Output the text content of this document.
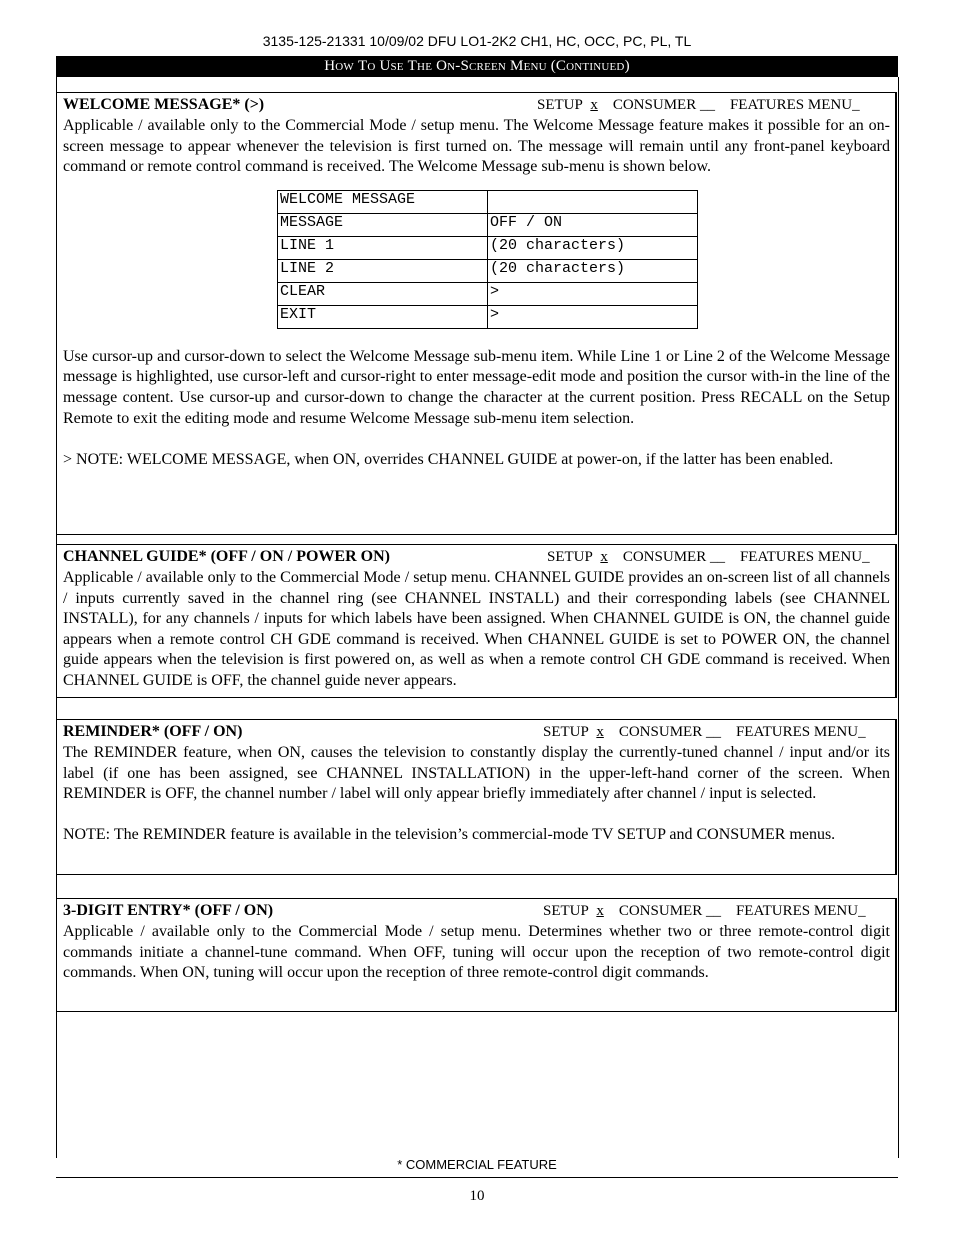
3135-125-21331 10/09/02 DFU LO1-2K2 CH1, HC, OCC, PC, PL, TL
How To Use The On-Screen Menu (Continued)
WELCOME MESSAGE* (>)	SETUP x CONSUMER __ FEATURES MENU_

Applicable / available only to the Commercial Mode / setup menu. The Welcome Message feature makes it possible for an on-screen message to appear whenever the television is first turned on. The message will remain until any front-panel keyboard command or remote control command is received. The Welcome Message sub-menu is shown below.

WELCOME MESSAGE	
MESSAGE	OFF / ON
LINE 1	(20 characters)
LINE 2	(20 characters)
CLEAR	>
EXIT	>

Use cursor-up and cursor-down to select the Welcome Message sub-menu item. While Line 1 or Line 2 of the Welcome Message message is highlighted, use cursor-left and cursor-right to enter message-edit mode and position the cursor with-in the line of the message content. Use cursor-up and cursor-down to change the character at the current position. Press RECALL on the Setup Remote to exit the editing mode and resume Welcome Message sub-menu item selection.

> NOTE: WELCOME MESSAGE, when ON, overrides CHANNEL GUIDE at power-on, if the latter has been enabled.

CHANNEL GUIDE* (OFF / ON / POWER ON)	SETUP x CONSUMER __ FEATURES MENU_

Applicable / available only to the Commercial Mode / setup menu. CHANNEL GUIDE provides an on-screen list of all channels / inputs currently saved in the channel ring (see CHANNEL INSTALL) and their corresponding labels (see CHANNEL INSTALL), for any channels / inputs for which labels have been assigned. When CHANNEL GUIDE is ON, the channel guide appears when a remote control CH GDE command is received. When CHANNEL GUIDE is set to POWER ON, the channel guide appears when the television is first powered on, as well as when a remote control CH GDE command is received. When CHANNEL GUIDE is OFF, the channel guide never appears.

REMINDER* (OFF / ON)	SETUP x CONSUMER __ FEATURES MENU_

The REMINDER feature, when ON, causes the television to constantly display the currently-tuned channel / input and/or its label (if one has been assigned, see CHANNEL INSTALLATION) in the upper-left-hand corner of the screen. When REMINDER is OFF, the channel number / label will only appear briefly immediately after channel / input is selected.

NOTE: The REMINDER feature is available in the television’s commercial-mode TV SETUP and CONSUMER menus.

3-DIGIT ENTRY* (OFF / ON)	SETUP x CONSUMER __ FEATURES MENU_

Applicable / available only to the Commercial Mode / setup menu. Determines whether two or three remote-control digit commands initiate a channel-tune command. When OFF, tuning will occur upon the reception of two remote-control digit commands. When ON, tuning will occur upon the reception of three remote-control digit commands.

* COMMERCIAL FEATURE
10
